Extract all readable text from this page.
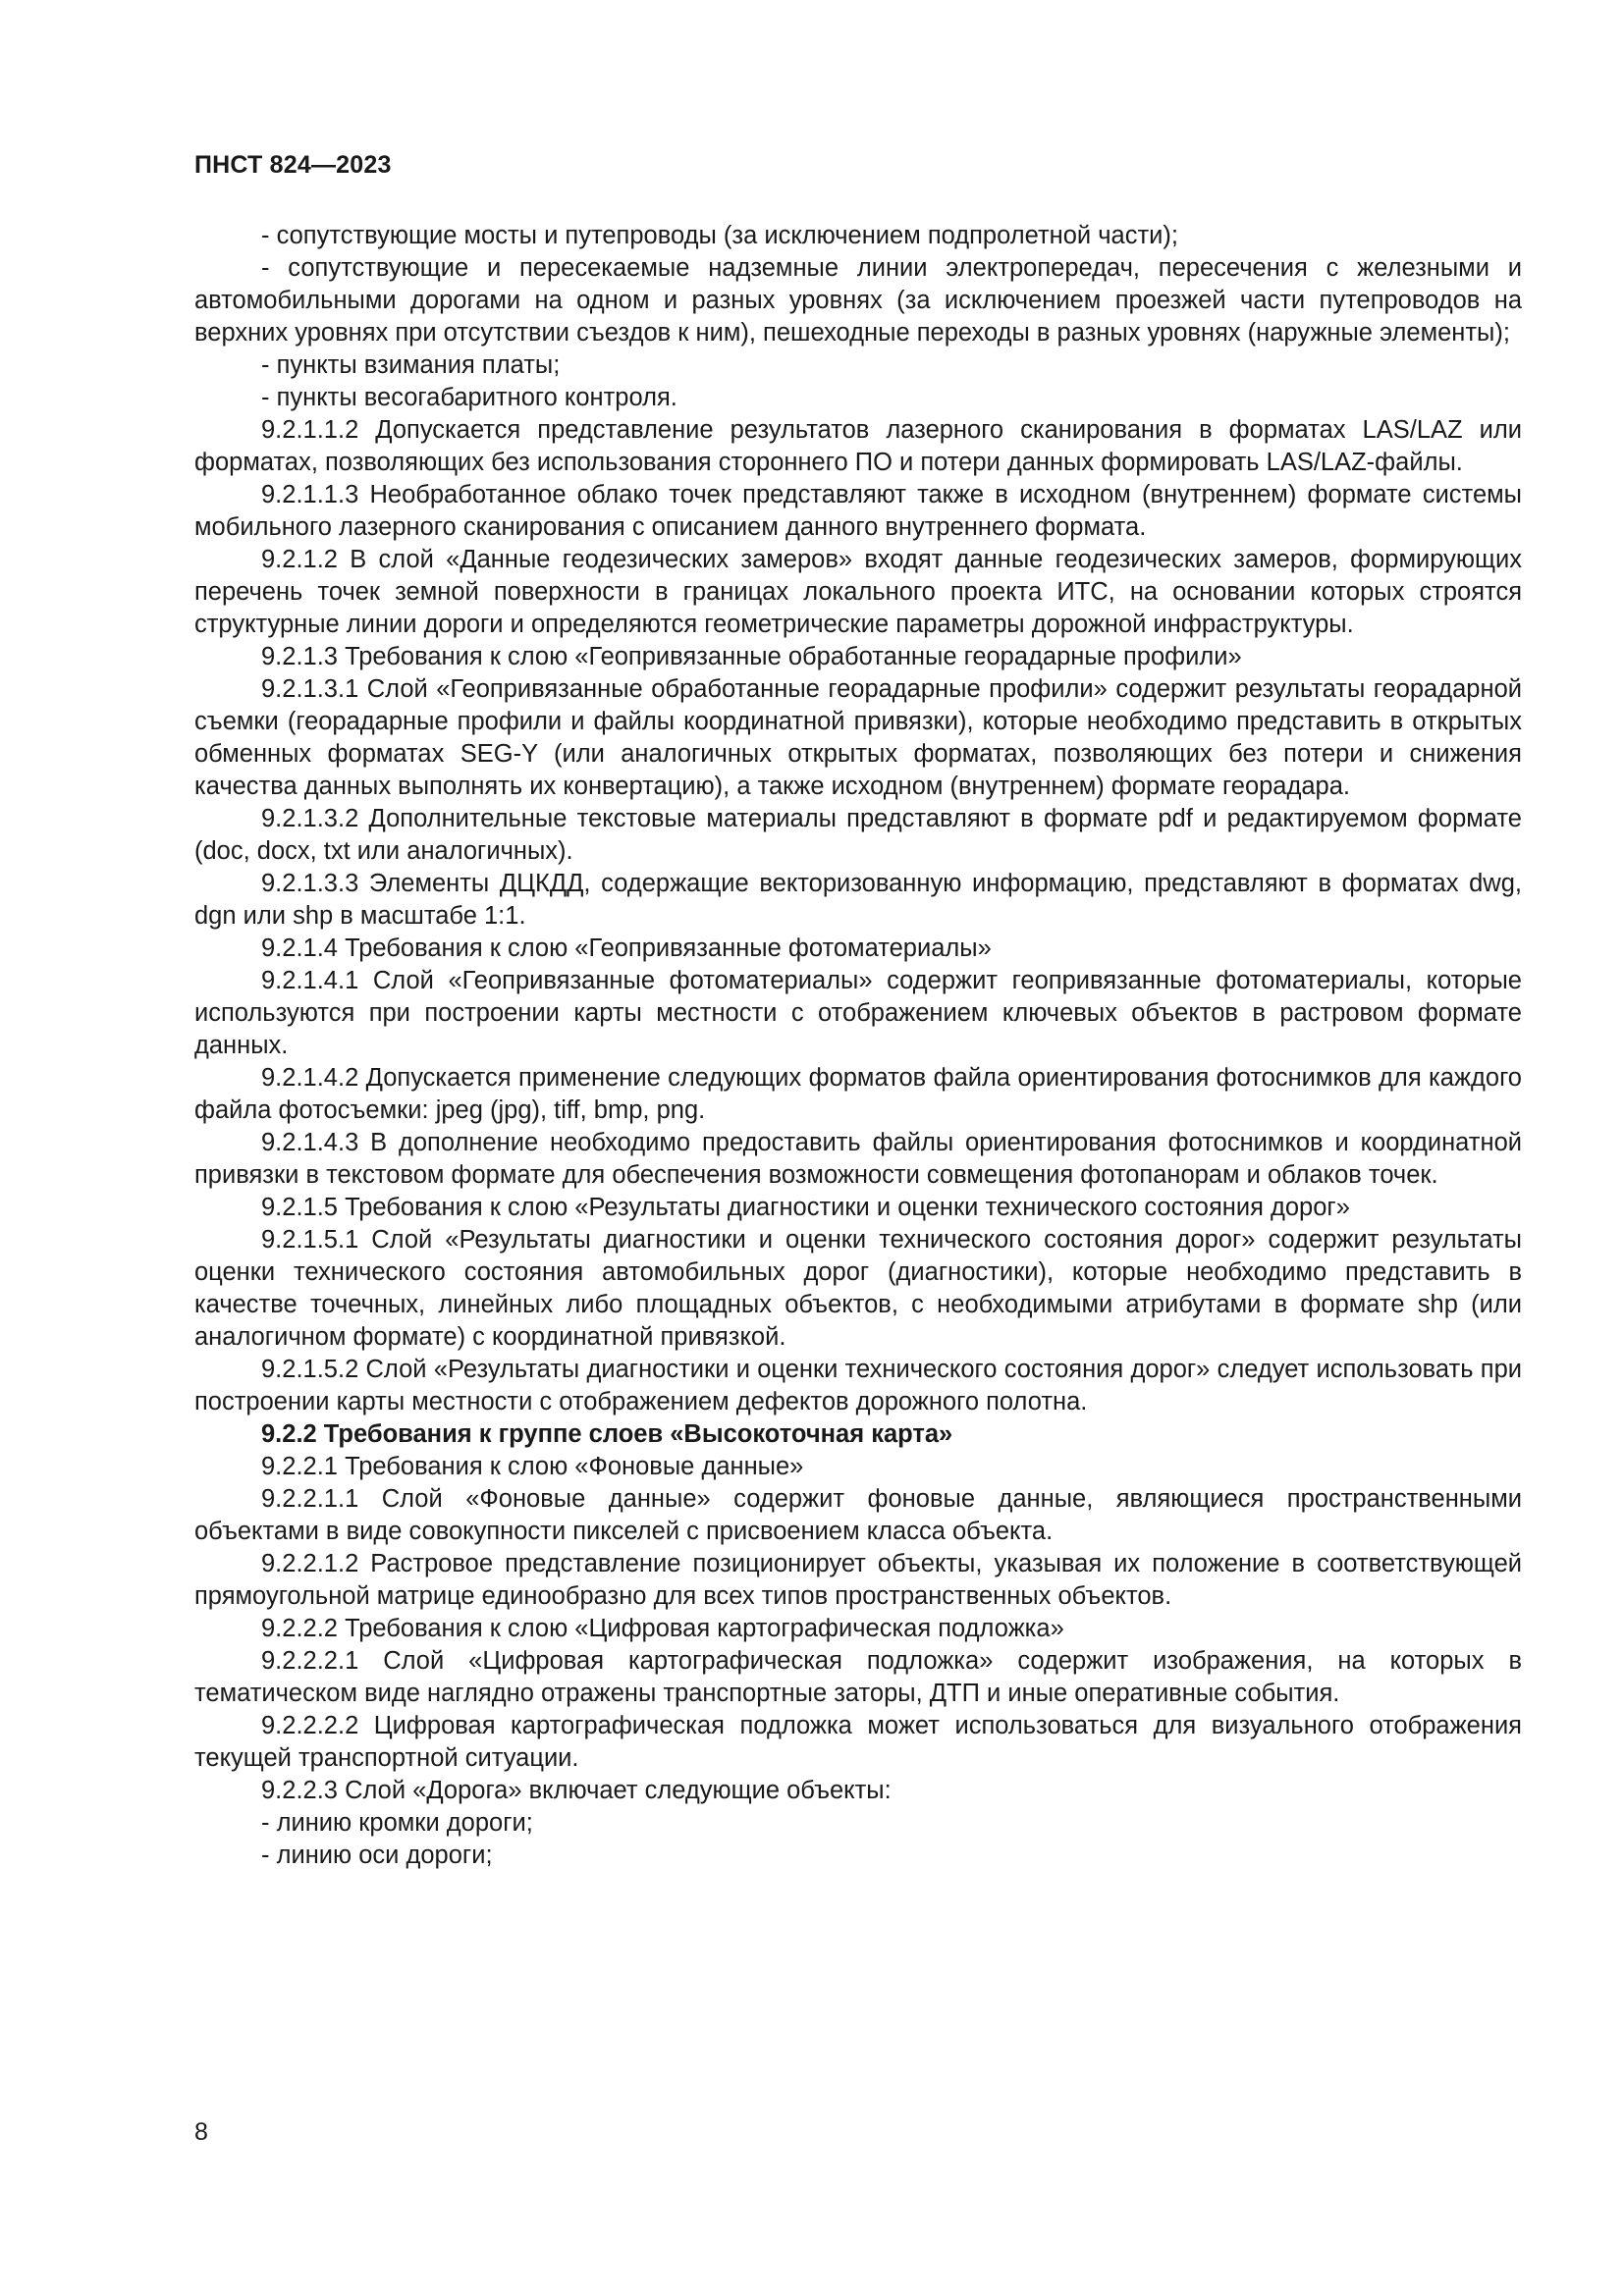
ПНСТ 824—2023

- сопутствующие мосты и путепроводы (за исключением подпролетной части);

- сопутствующие и пересекаемые надземные линии электропередач, пересечения с железными и автомобильными дорогами на одном и разных уровнях (за исключением проезжей части путепроводов на верхних уровнях при отсутствии съездов к ним), пешеходные переходы в разных уровнях (наружные элементы);

- пункты взимания платы;

- пункты весогабаритного контроля.

9.2.1.1.2 Допускается представление результатов лазерного сканирования в форматах LAS/LAZ или форматах, позволяющих без использования стороннего ПО и потери данных формировать LAS/LAZ-файлы.

9.2.1.1.3 Необработанное облако точек представляют также в исходном (внутреннем) формате системы мобильного лазерного сканирования с описанием данного внутреннего формата.

9.2.1.2 В слой «Данные геодезических замеров» входят данные геодезических замеров, формирующих перечень точек земной поверхности в границах локального проекта ИТС, на основании которых строятся структурные линии дороги и определяются геометрические параметры дорожной инфраструктуры.

9.2.1.3 Требования к слою «Геопривязанные обработанные георадарные профили»

9.2.1.3.1 Слой «Геопривязанные обработанные георадарные профили» содержит результаты георадарной съемки (георадарные профили и файлы координатной привязки), которые необходимо представить в открытых обменных форматах SEG-Y (или аналогичных открытых форматах, позволяющих без потери и снижения качества данных выполнять их конвертацию), а также исходном (внутреннем) формате георадара.

9.2.1.3.2 Дополнительные текстовые материалы представляют в формате pdf и редактируемом формате (doc, docx, txt или аналогичных).

9.2.1.3.3 Элементы ДЦКДД, содержащие векторизованную информацию, представляют в форматах dwg, dgn или shp в масштабе 1:1.

9.2.1.4 Требования к слою «Геопривязанные фотоматериалы»

9.2.1.4.1 Слой «Геопривязанные фотоматериалы» содержит геопривязанные фотоматериалы, которые используются при построении карты местности с отображением ключевых объектов в растровом формате данных.

9.2.1.4.2 Допускается применение следующих форматов файла ориентирования фотоснимков для каждого файла фотосъемки: jpeg (jpg), tiff, bmp, png.

9.2.1.4.3 В дополнение необходимо предоставить файлы ориентирования фотоснимков и координатной привязки в текстовом формате для обеспечения возможности совмещения фотопанорам и облаков точек.

9.2.1.5 Требования к слою «Результаты диагностики и оценки технического состояния дорог»

9.2.1.5.1 Слой «Результаты диагностики и оценки технического состояния дорог» содержит результаты оценки технического состояния автомобильных дорог (диагностики), которые необходимо представить в качестве точечных, линейных либо площадных объектов, с необходимыми атрибутами в формате shp (или аналогичном формате) с координатной привязкой.

9.2.1.5.2 Слой «Результаты диагностики и оценки технического состояния дорог» следует использовать при построении карты местности с отображением дефектов дорожного полотна.

9.2.2 Требования к группе слоев «Высокоточная карта»

9.2.2.1 Требования к слою «Фоновые данные»

9.2.2.1.1 Слой «Фоновые данные» содержит фоновые данные, являющиеся пространственными объектами в виде совокупности пикселей с присвоением класса объекта.

9.2.2.1.2 Растровое представление позиционирует объекты, указывая их положение в соответствующей прямоугольной матрице единообразно для всех типов пространственных объектов.

9.2.2.2 Требования к слою «Цифровая картографическая подложка»

9.2.2.2.1 Слой «Цифровая картографическая подложка» содержит изображения, на которых в тематическом виде наглядно отражены транспортные заторы, ДТП и иные оперативные события.

9.2.2.2.2 Цифровая картографическая подложка может использоваться для визуального отображения текущей транспортной ситуации.

9.2.2.3 Слой «Дорога» включает следующие объекты:

- линию кромки дороги;

- линию оси дороги;

8
